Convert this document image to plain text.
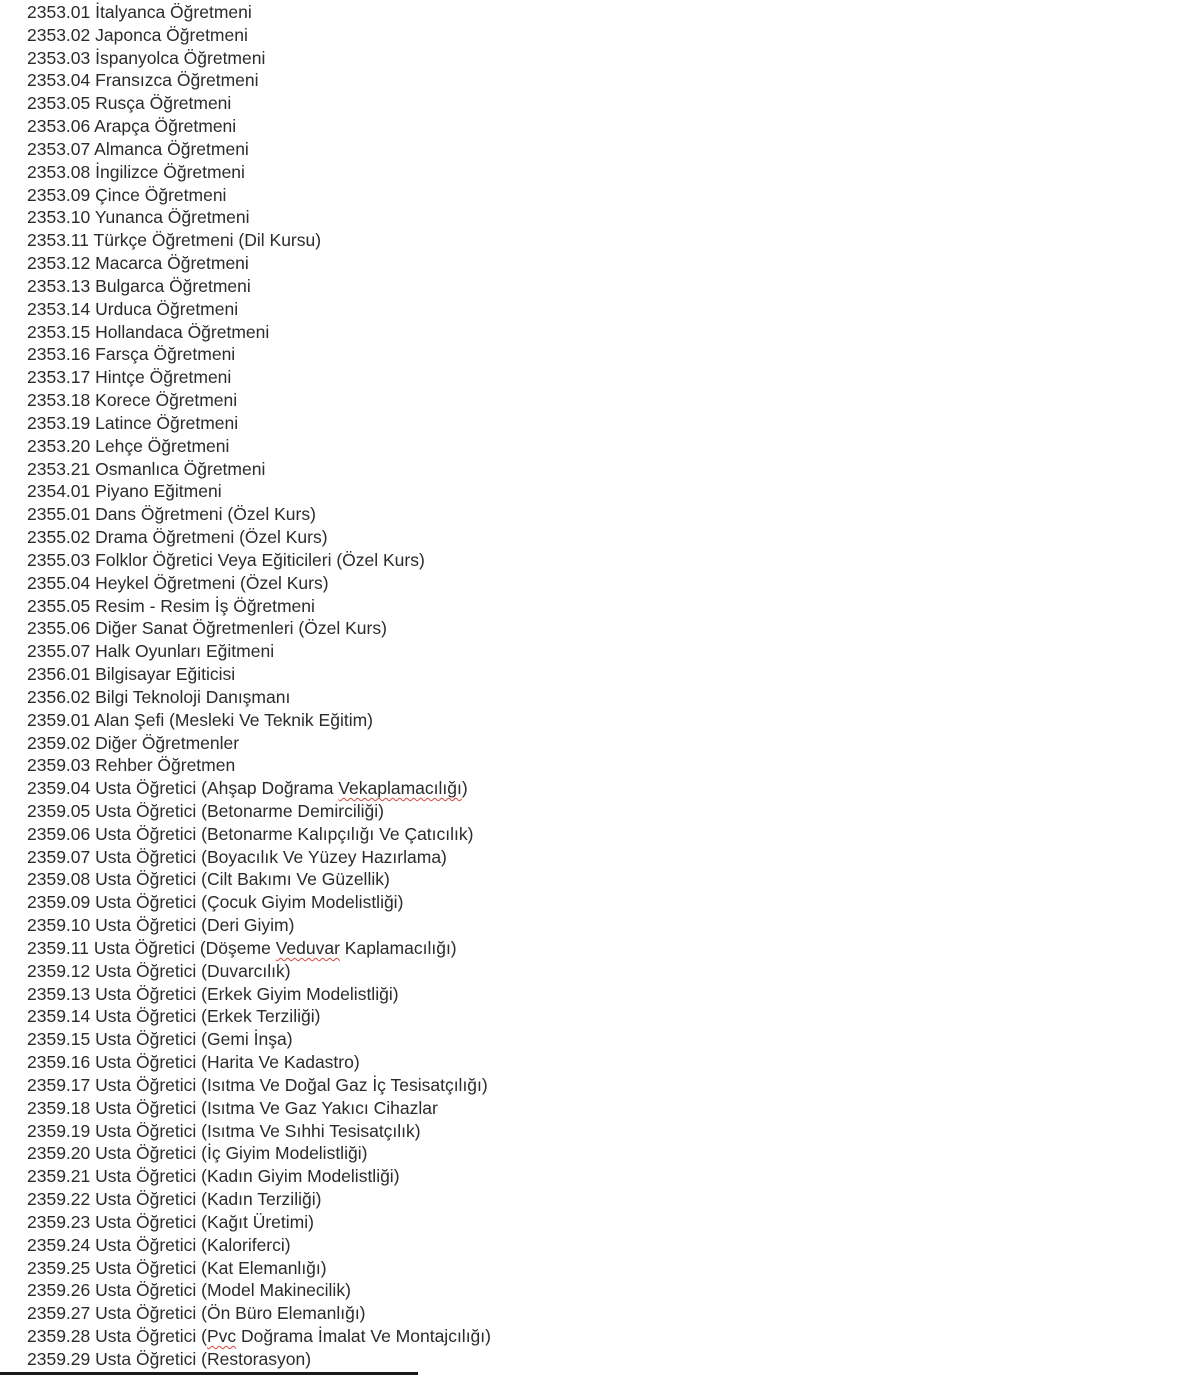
2353.01 İtalyanca Öğretmeni
2353.02 Japonca Öğretmeni
2353.03 İspanyolca Öğretmeni
2353.04 Fransızca Öğretmeni
2353.05 Rusça Öğretmeni
2353.06 Arapça Öğretmeni
2353.07 Almanca Öğretmeni
2353.08 İngilizce Öğretmeni
2353.09 Çince Öğretmeni
2353.10 Yunanca Öğretmeni
2353.11 Türkçe Öğretmeni (Dil Kursu)
2353.12 Macarca Öğretmeni
2353.13 Bulgarca Öğretmeni
2353.14 Urduca Öğretmeni
2353.15 Hollandaca Öğretmeni
2353.16 Farsça Öğretmeni
2353.17 Hintçe Öğretmeni
2353.18 Korece Öğretmeni
2353.19 Latince Öğretmeni
2353.20 Lehçe Öğretmeni
2353.21 Osmanlıca Öğretmeni
2354.01 Piyano Eğitmeni
2355.01 Dans Öğretmeni (Özel Kurs)
2355.02 Drama Öğretmeni (Özel Kurs)
2355.03 Folklor Öğretici Veya Eğiticileri (Özel Kurs)
2355.04 Heykel Öğretmeni (Özel Kurs)
2355.05 Resim - Resim İş Öğretmeni
2355.06 Diğer Sanat Öğretmenleri (Özel Kurs)
2355.07 Halk Oyunları Eğitmeni
2356.01 Bilgisayar Eğiticisi
2356.02 Bilgi Teknoloji Danışmanı
2359.01 Alan Şefi (Mesleki Ve Teknik Eğitim)
2359.02 Diğer Öğretmenler
2359.03 Rehber Öğretmen
2359.04 Usta Öğretici (Ahşap Doğrama Vekaplamacılığı)
2359.05 Usta Öğretici (Betonarme Demirciliği)
2359.06 Usta Öğretici (Betonarme Kalıpçılığı Ve Çatıcılık)
2359.07 Usta Öğretici (Boyacılık Ve Yüzey Hazırlama)
2359.08 Usta Öğretici (Cilt Bakımı Ve Güzellik)
2359.09 Usta Öğretici (Çocuk Giyim Modelistliği)
2359.10 Usta Öğretici (Deri Giyim)
2359.11 Usta Öğretici (Döşeme Veduvar Kaplamacılığı)
2359.12 Usta Öğretici (Duvarcılık)
2359.13 Usta Öğretici (Erkek Giyim Modelistliği)
2359.14 Usta Öğretici (Erkek Terziliği)
2359.15 Usta Öğretici (Gemi İnşa)
2359.16 Usta Öğretici (Harita Ve Kadastro)
2359.17 Usta Öğretici (Isıtma Ve Doğal Gaz İç Tesisatçılığı)
2359.18 Usta Öğretici (Isıtma Ve Gaz Yakıcı Cihazlar
2359.19 Usta Öğretici (Isıtma Ve Sıhhi Tesisatçılık)
2359.20 Usta Öğretici (İç Giyim Modelistliği)
2359.21 Usta Öğretici (Kadın Giyim Modelistliği)
2359.22 Usta Öğretici (Kadın Terziliği)
2359.23 Usta Öğretici (Kağıt Üretimi)
2359.24 Usta Öğretici (Kaloriferci)
2359.25 Usta Öğretici (Kat Elemanlığı)
2359.26 Usta Öğretici (Model Makinecilik)
2359.27 Usta Öğretici (Ön Büro Elemanlığı)
2359.28 Usta Öğretici (Pvc Doğrama İmalat Ve Montajcılığı)
2359.29 Usta Öğretici (Restorasyon)
